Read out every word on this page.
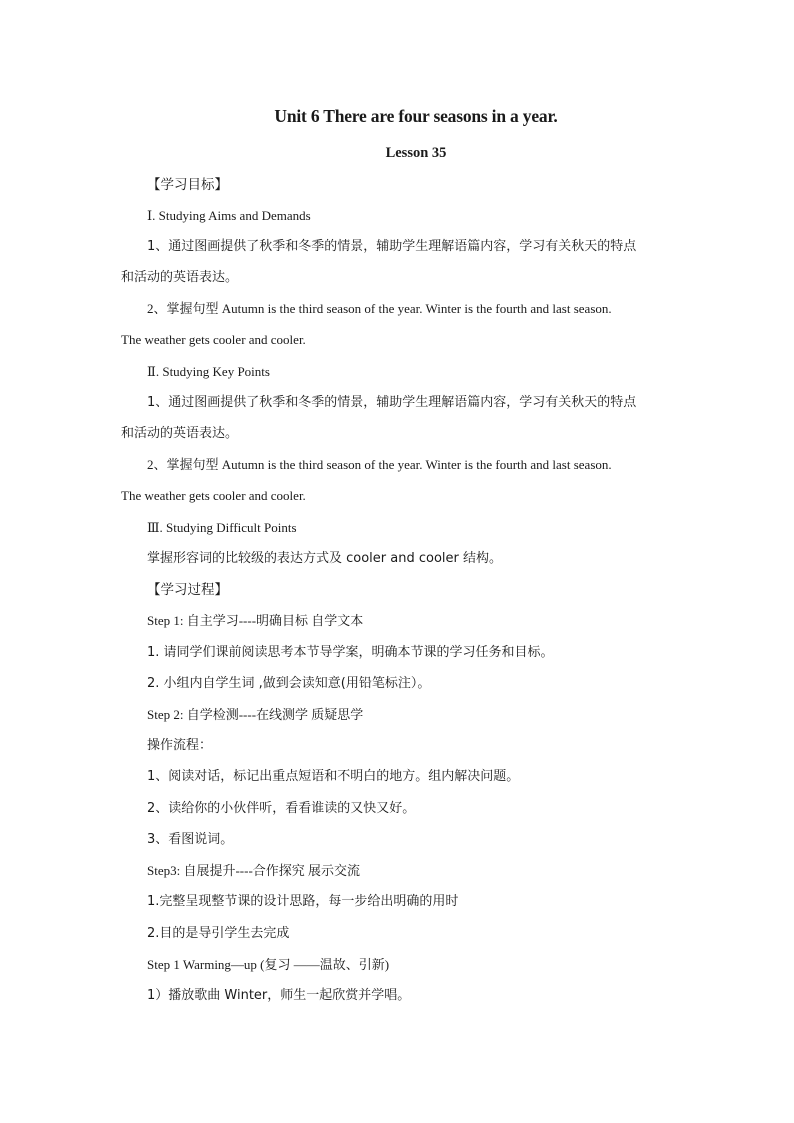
Unit 6 There are four seasons in a year.
Lesson 35
【学习目标】
Ⅰ. Studying Aims and Demands
1、通过图画提供了秋季和冬季的情景，辅助学生理解语篇内容，学习有关秋天的特点
和活动的英语表达。
2、掌握句型 Autumn is the third season of the year. Winter is the fourth and last season.
The weather gets cooler and cooler.
Ⅱ. Studying Key Points
1、通过图画提供了秋季和冬季的情景，辅助学生理解语篇内容，学习有关秋天的特点
和活动的英语表达。
2、掌握句型 Autumn is the third season of the year. Winter is the fourth and last season.
The weather gets cooler and cooler.
Ⅲ. Studying Difficult Points
掌握形容词的比较级的表达方式及 cooler and cooler 结构。
【学习过程】
Step 1: 自主学习----明确目标 自学文本
1. 请同学们课前阅读思考本节导学案，明确本节课的学习任务和目标。
2. 小组内自学生词 ,做到会读知意(用铅笔标注）。
Step 2: 自学检测----在线测学 质疑思学
操作流程：
1、阅读对话，标记出重点短语和不明白的地方。组内解决问题。
2、读给你的小伙伴听，看看谁读的又快又好。
3、看图说词。
Step3: 自展提升----合作探究 展示交流
1.完整呈现整节课的设计思路，每一步给出明确的用时
2.目的是导引学生去完成
Step 1 Warming—up (复习 ——温故、引新)
1）播放歌曲 Winter，师生一起欣赏并学唱。
